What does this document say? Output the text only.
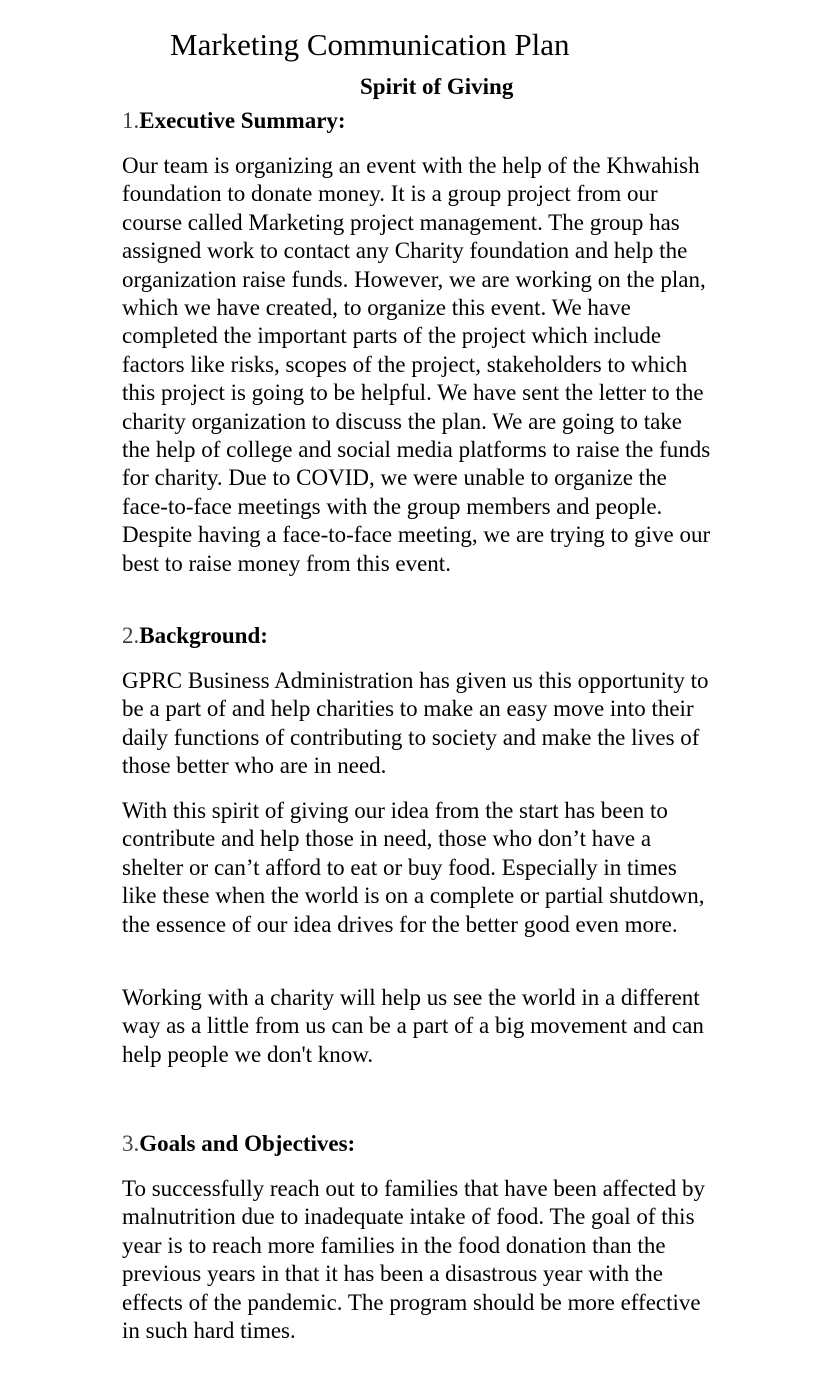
Marketing Communication Plan
Spirit of Giving
1.Executive Summary:

Our team is organizing an event with the help of the Khwahish foundation to donate money. It is a group project from our course called Marketing project management. The group has assigned work to contact any Charity foundation and help the organization raise funds. However, we are working on the plan, which we have created, to organize this event. We have completed the important parts of the project which include factors like risks, scopes of the project, stakeholders to which this project is going to be helpful. We have sent the letter to the charity organization to discuss the plan. We are going to take the help of college and social media platforms to raise the funds for charity. Due to COVID, we were unable to organize the face-to-face meetings with the group members and people. Despite having a face-to-face meeting, we are trying to give our best to raise money from this event.

2.Background:

GPRC Business Administration has given us this opportunity to be a part of and help charities to make an easy move into their daily functions of contributing to society and make the lives of those better who are in need.

With this spirit of giving our idea from the start has been to contribute and help those in need, those who don’t have a shelter or can’t afford to eat or buy food. Especially in times like these when the world is on a complete or partial shutdown, the essence of our idea drives for the better good even more.

Working with a charity will help us see the world in a different way as a little from us can be a part of a big movement and can help people we don't know.

3.Goals and Objectives:

To successfully reach out to families that have been affected by malnutrition due to inadequate intake of food. The goal of this year is to reach more families in the food donation than the previous years in that it has been a disastrous year with the effects of the pandemic. The program should be more effective in such hard times.
